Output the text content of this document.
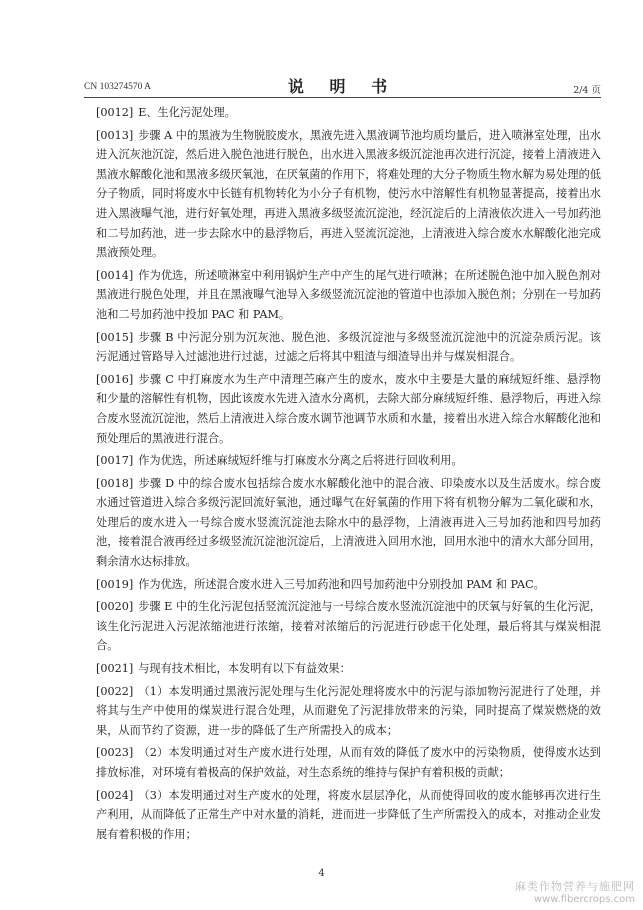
CN 103274570 A	说 明 书	2/4 页

[0012] E、生化污泥处理。

[0013] 步骤 A 中的黑液为生物脱胶废水，黑液先进入黑液调节池均质均量后，进入喷淋室处理，出水进入沉灰池沉淀，然后进入脱色池进行脱色，出水进入黑液多级沉淀池再次进行沉淀，接着上清液进入黑液水解酸化池和黑液多级厌氧池，在厌氧菌的作用下，将难处理的大分子物质生物水解为易处理的低分子物质，同时将废水中长链有机物转化为小分子有机物，使污水中溶解性有机物显著提高，接着出水进入黑液曝气池，进行好氧处理，再进入黑液多级竖流沉淀池，经沉淀后的上清液依次进入一号加药池和二号加药池，进一步去除水中的悬浮物后，再进入竖流沉淀池，上清液进入综合废水水解酸化池完成黑液预处理。

[0014] 作为优选，所述喷淋室中利用锅炉生产中产生的尾气进行喷淋；在所述脱色池中加入脱色剂对黑液进行脱色处理，并且在黑液曝气池导入多级竖流沉淀池的管道中也添加入脱色剂；分别在一号加药池和二号加药池中投加 PAC 和 PAM。

[0015] 步骤 B 中污泥分别为沉灰池、脱色池、多级沉淀池与多级竖流沉淀池中的沉淀杂质污泥。该污泥通过管路导入过滤池进行过滤，过滤之后将其中粗渣与细渣导出并与煤炭相混合。

[0016] 步骤 C 中打麻废水为生产中清理苎麻产生的废水，废水中主要是大量的麻绒短纤维、悬浮物和少量的溶解性有机物，因此该废水先进入渣水分离机，去除大部分麻绒短纤维、悬浮物后，再进入综合废水竖流沉淀池，然后上清液进入综合废水调节池调节水质和水量，接着出水进入综合水解酸化池和预处理后的黑液进行混合。

[0017] 作为优选，所述麻绒短纤维与打麻废水分离之后将进行回收利用。

[0018] 步骤 D 中的综合废水包括综合废水水解酸化池中的混合液、印染废水以及生活废水。综合废水通过管道进入综合多级污泥回流好氧池，通过曝气在好氧菌的作用下将有机物分解为二氧化碳和水，处理后的废水进入一号综合废水竖流沉淀池去除水中的悬浮物，上清液再进入三号加药池和四号加药池，接着混合液再经过多级竖流沉淀池沉淀后，上清液进入回用水池，回用水池中的清水大部分回用，剩余清水达标排放。

[0019] 作为优选，所述混合废水进入三号加药池和四号加药池中分别投加 PAM 和 PAC。

[0020] 步骤 E 中的生化污泥包括竖流沉淀池与一号综合废水竖流沉淀池中的厌氧与好氧的生化污泥，该生化污泥进入污泥浓缩池进行浓缩，接着对浓缩后的污泥进行砂虑干化处理，最后将其与煤炭相混合。

[0021] 与现有技术相比，本发明有以下有益效果：

[0022] （1）本发明通过黑液污泥处理与生化污泥处理将废水中的污泥与添加物污泥进行了处理，并将其与生产中使用的煤炭进行混合处理，从而避免了污泥排放带来的污染，同时提高了煤炭燃烧的效果，从而节约了资源，进一步的降低了生产所需投入的成本；

[0023] （2）本发明通过对生产废水进行处理，从而有效的降低了废水中的污染物质，使得废水达到排放标准，对环境有着极高的保护效益，对生态系统的维持与保护有着积极的贡献；

[0024] （3）本发明通过对生产废水的处理，将废水层层净化，从而使得回收的废水能够再次进行生产利用，从而降低了正常生产中对水量的消耗，进而进一步降低了生产所需投入的成本，对推动企业发展有着积极的作用；

4
麻类作物营养与施肥网
www.fibercrops.com
